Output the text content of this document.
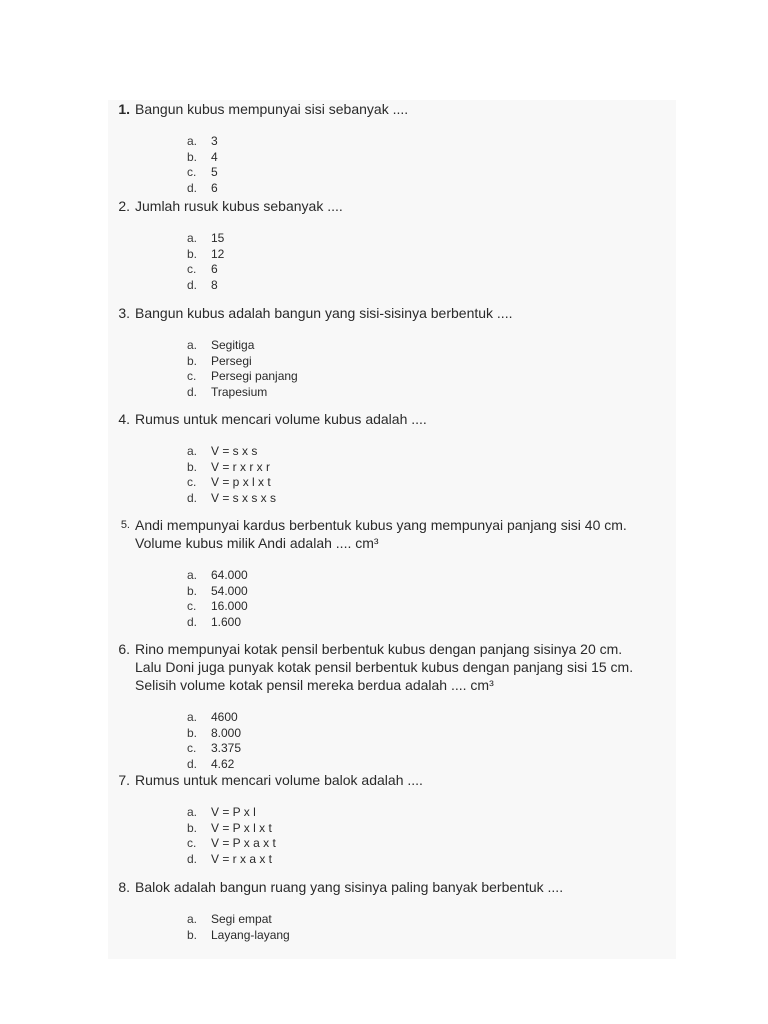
1. Bangun kubus mempunyai sisi sebanyak ....
a. 3
b. 4
c. 5
d. 6
2. Jumlah rusuk kubus sebanyak ....
a. 15
b. 12
c. 6
d. 8
3. Bangun kubus adalah bangun yang sisi-sisinya berbentuk ....
a. Segitiga
b. Persegi
c. Persegi panjang
d. Trapesium
4. Rumus untuk mencari volume kubus adalah ....
a. V = s x s
b. V = r x r x r
c. V = p x l x t
d. V = s x s x s
5. Andi mempunyai kardus berbentuk kubus yang mempunyai panjang sisi 40 cm.
Volume kubus milik Andi adalah .... cm³
a. 64.000
b. 54.000
c. 16.000
d. 1.600
6. Rino mempunyai kotak pensil berbentuk kubus dengan panjang sisinya 20 cm.
Lalu Doni juga punyak kotak pensil berbentuk kubus dengan panjang sisi 15 cm.
Selisih volume kotak pensil mereka berdua adalah .... cm³
a. 4600
b. 8.000
c. 3.375
d. 4.62
7. Rumus untuk mencari volume balok adalah ....
a. V = P x l
b. V = P x l x t
c. V = P x a x t
d. V = r x a x t
8. Balok adalah bangun ruang yang sisinya paling banyak berbentuk ....
a. Segi empat
b. Layang-layang
